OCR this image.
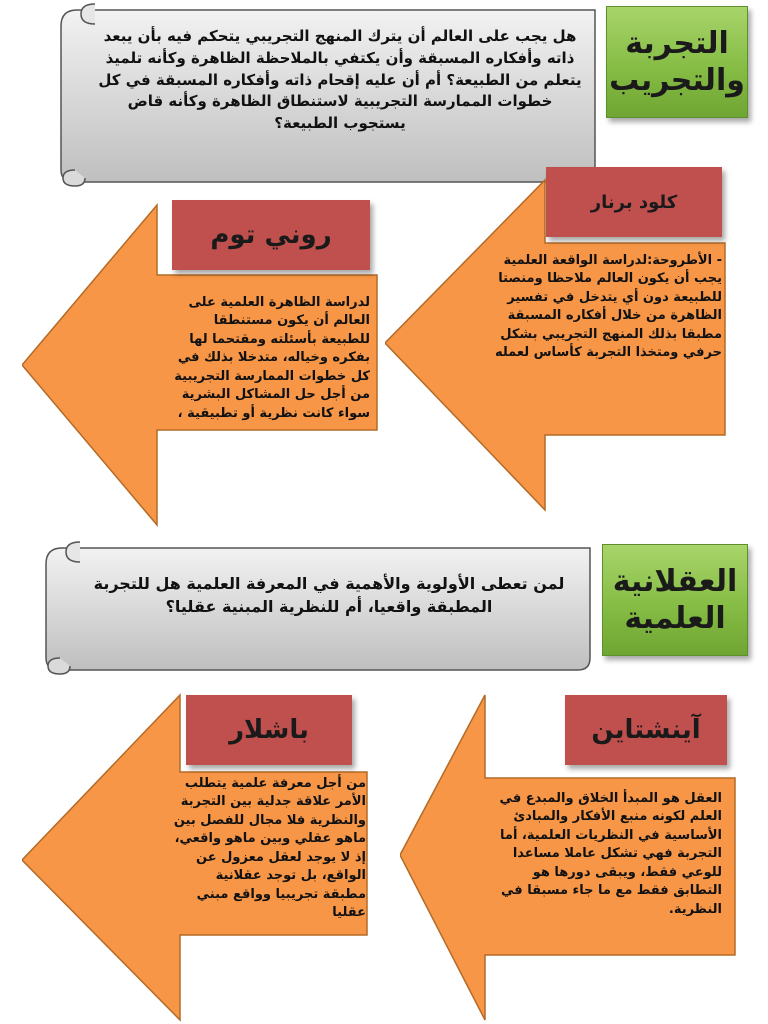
التجربة والتجريب
هل يجب على العالم أن يترك المنهج التجريبي يتحكم فيه بأن يبعد ذاته وأفكاره المسبقة وأن يكتفي بالملاحظة الظاهرة وكأنه تلميذ يتعلم من الطبيعة؟ أم أن عليه إقحام ذاته وأفكاره المسبقة في كل خطوات الممارسة التجريبية لاستنطاق الظاهرة وكأنه قاض يستجوب الطبيعة؟
كلود برنار
- الأطروحة:لدراسة الواقعة العلمية يجب أن يكون العالم ملاحظا ومنصتا للطبيعة دون أي يتدخل في تفسير الظاهرة من خلال أفكاره المسبقة مطبقا بذلك المنهج التجريبي بشكل حرفي ومتخذا التجربة كأساس لعمله
روني توم
لدراسة الظاهرة العلمية على العالم أن يكون مستنطقا للطبيعة بأسئلته ومقتحما لها بفكره وخياله، متدخلا بذلك في كل خطوات الممارسة التجريبية من أجل حل المشاكل البشرية سواء كانت نظرية أو تطبيقية ،
العقلانية العلمية
لمن تعطى الأولوية والأهمية في المعرفة العلمية هل للتجربة المطبقة واقعيا، أم للنظرية المبنية عقليا؟
آينشتاين
العقل هو المبدأ الخلاق والمبدع في العلم لكونه منبع الأفكار والمبادئ الأساسية في النظريات العلمية، أما التجربة فهي تشكل عاملا مساعدا للوعي فقط، ويبقى دورها هو التطابق فقط مع ما جاء مسبقا في النظرية.
باشلار
من أجل معرفة علمية يتطلب الأمر علاقة جدلية بين التجربة والنظرية فلا مجال للفصل بين ماهو عقلي وبين ماهو واقعي، إذ لا يوجد لعقل معزول عن الواقع، بل توجد عقلانية مطبقة تجريبيا وواقع مبني عقليا
